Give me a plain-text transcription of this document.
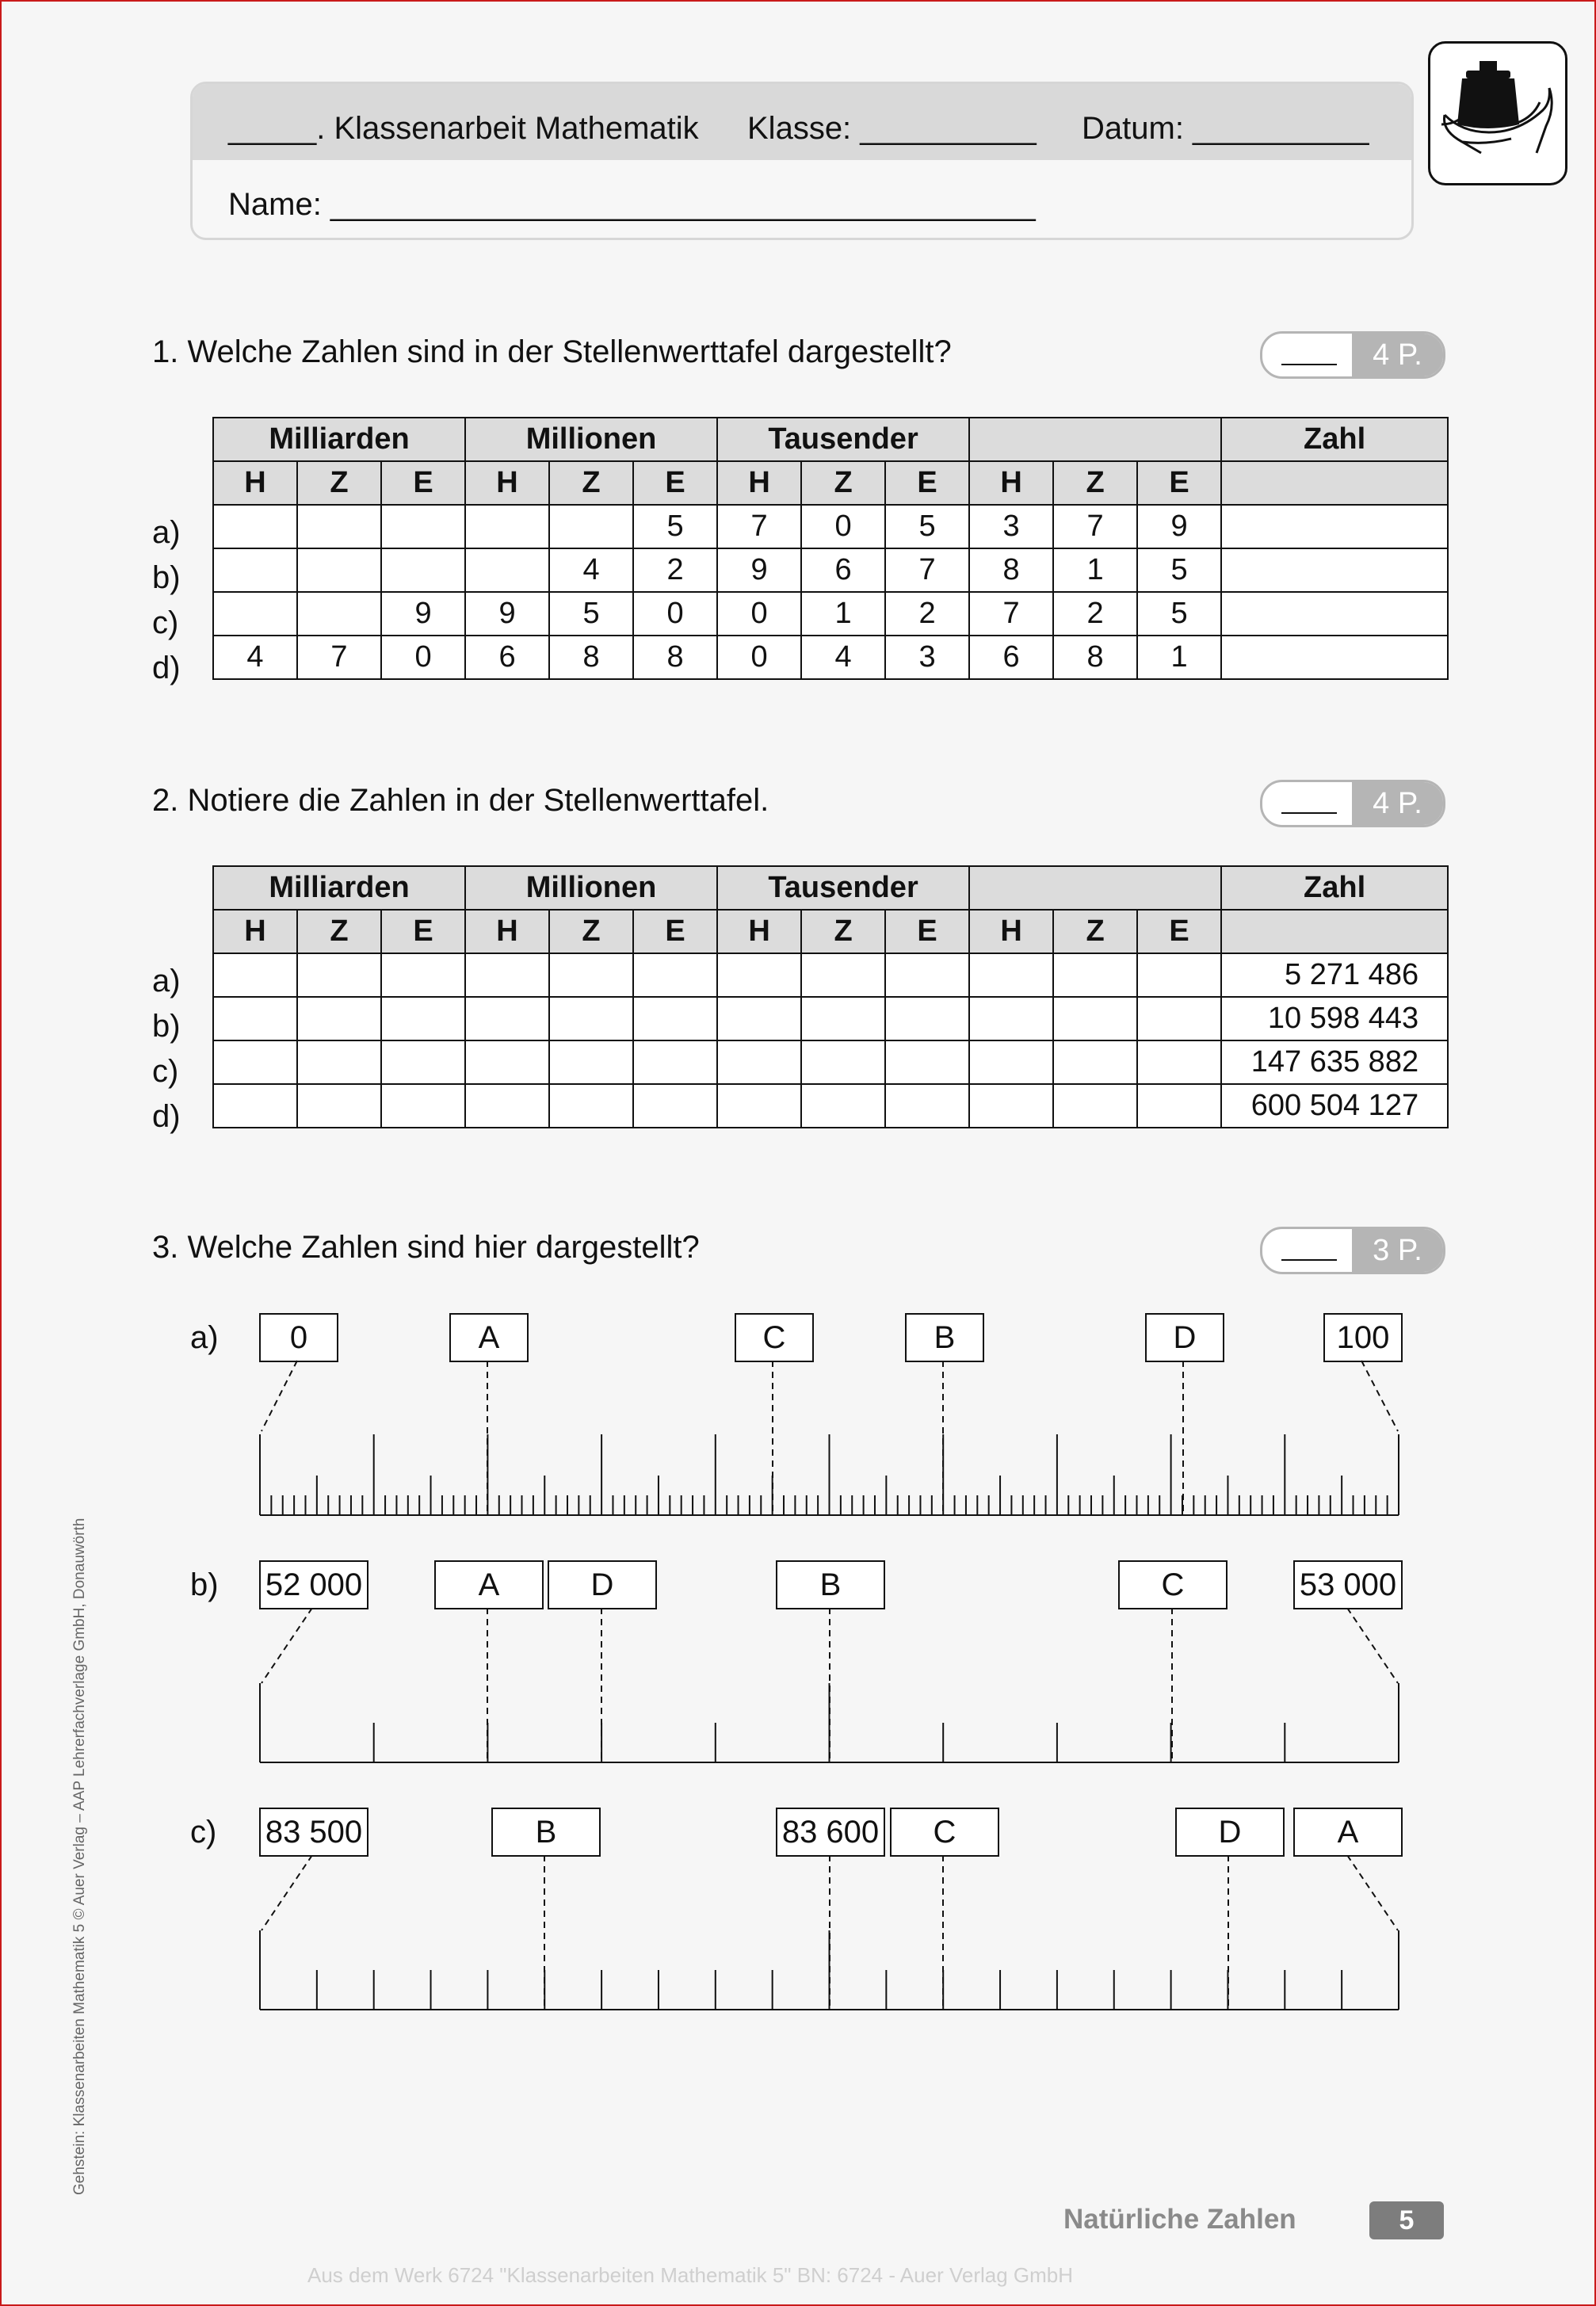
_____. Klassenarbeit Mathematik Klasse: __________ Datum: __________
Name: ________________________________________
1. Welche Zahlen sind in der Stellenwerttafel dargestellt?	4 P.
Milliarden			Millionen			Tausender						Zahl
H	Z	E	H	Z	E	H	Z	E	H	Z	E	
					5	7	0	5	3	7	9	
				4	2	9	6	7	8	1	5	
		9	9	5	0	0	1	2	7	2	5	
4	7	0	6	8	8	0	4	3	6	8	1	
a)
b)
c)
d)
2. Notiere die Zahlen in der Stellenwerttafel.	4 P.
Milliarden			Millionen			Tausender						Zahl
H	Z	E	H	Z	E	H	Z	E	H	Z	E	
												5 271 486
												10 598 443
												147 635 882
												600 504 127
a)
b)
c)
d)
3. Welche Zahlen sind hier dargestellt?	3 P.
a)	0	A	C	B	D	100
b) 52 000	A	D	B	C	53 000
c) 83 500	B	83 600	C	D	A
Gehstein: Klassenarbeiten Mathematik 5 © Auer Verlag – AAP Lehrerfachverlage GmbH, Donauwörth
Natürliche Zahlen	5
Aus dem Werk 6724 "Klassenarbeiten Mathematik 5" BN: 6724 - Auer Verlag GmbH
